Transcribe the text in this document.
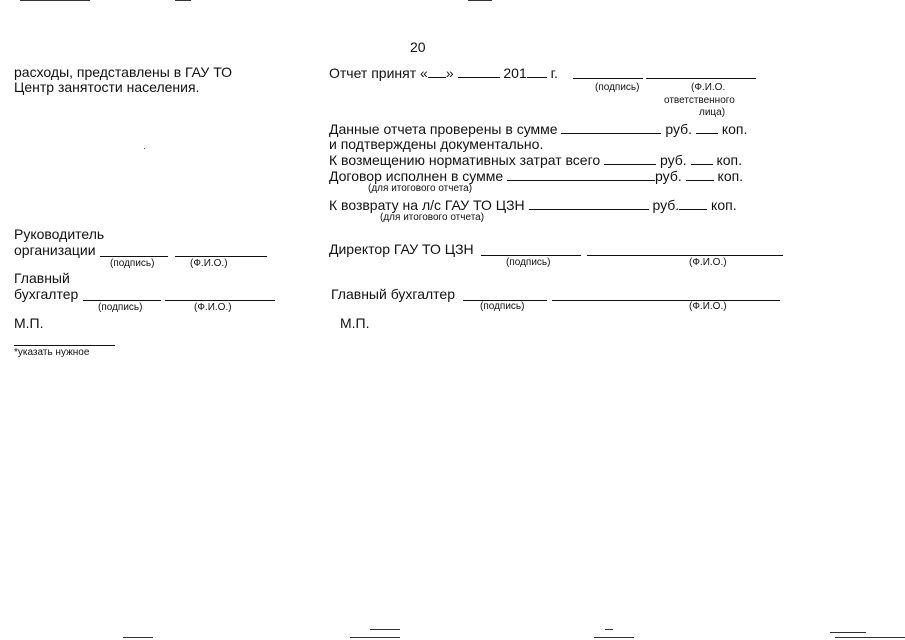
20
расходы, представлены в ГАУ ТО
Центр занятости населения.
Руководитель
организации
(подпись)	(Ф.И.О.)
Главный
бухгалтер
(подпись)	(Ф.И.О.)
М.П.
*указать нужное
Отчет принят « »	201 г.
(подпись)	(Ф.И.О.
ответственного
лица)
Данные отчета проверены в сумме	руб. коп.
и подтверждены документально.
К возмещению нормативных затрат всего	руб. коп.
Договор исполнен в сумме	руб.	коп.
(для итогового отчета)
К возврату на л/с ГАУ ТО ЦЗН	руб. коп.
(для итогового отчета)
Директор ГАУ ТО ЦЗН
(подпись)	(Ф.И.О.)
Главный бухгалтер
(подпись)	(Ф.И.О.)
М.П.
